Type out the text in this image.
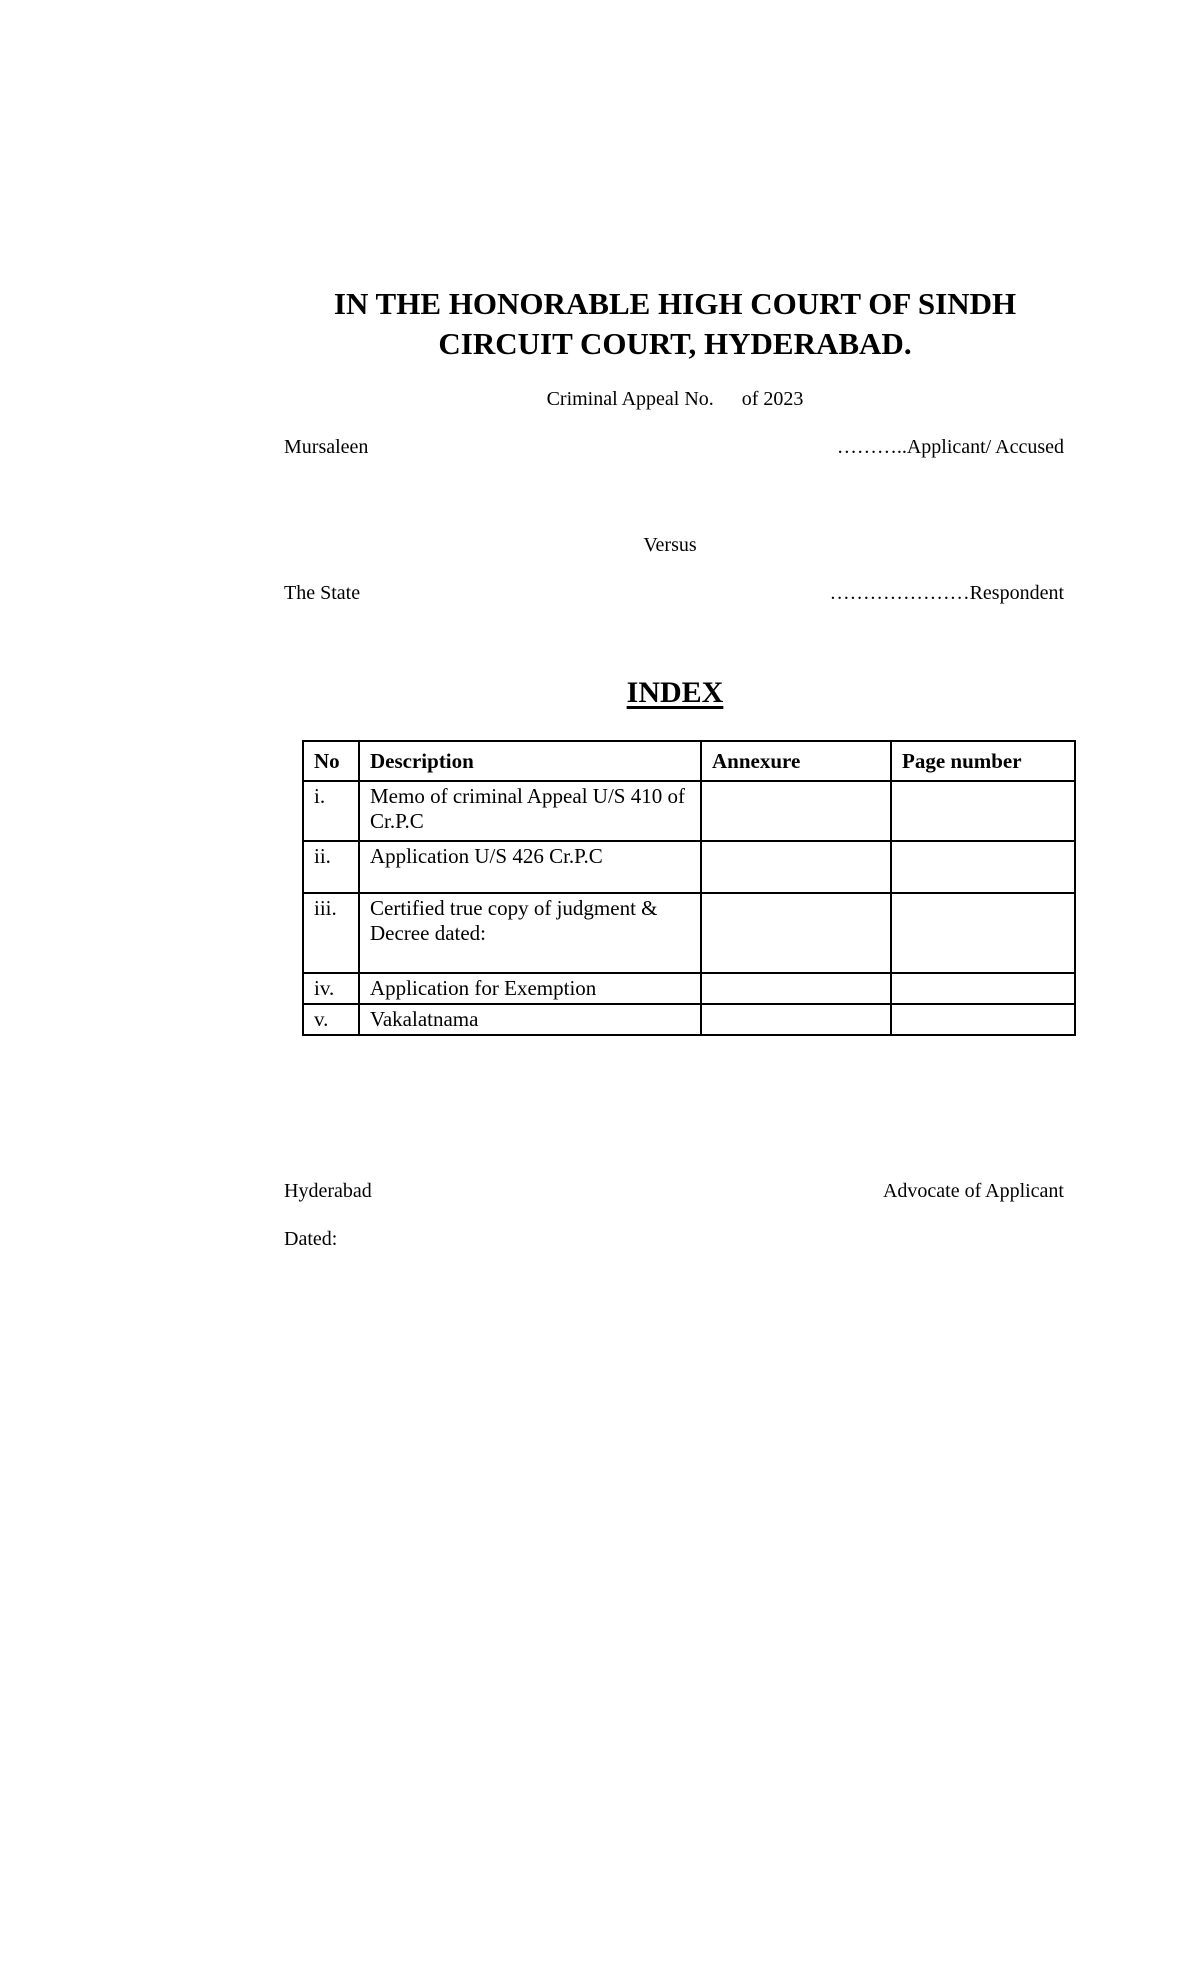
IN THE HONORABLE HIGH COURT OF SINDH
CIRCUIT COURT, HYDERABAD.
Criminal Appeal No. of 2023
Mursaleen	………..Applicant/ Accused
Versus
The State	…………………Respondent
INDEX
No	Description	Annexure	Page number
i.	Memo of criminal Appeal U/S 410 of Cr.P.C		
ii.	Application U/S 426 Cr.P.C		
iii.	Certified true copy of judgment & Decree dated:		
iv.	Application for Exemption		
v.	Vakalatnama		
Hyderabad	Advocate of Applicant
Dated:
